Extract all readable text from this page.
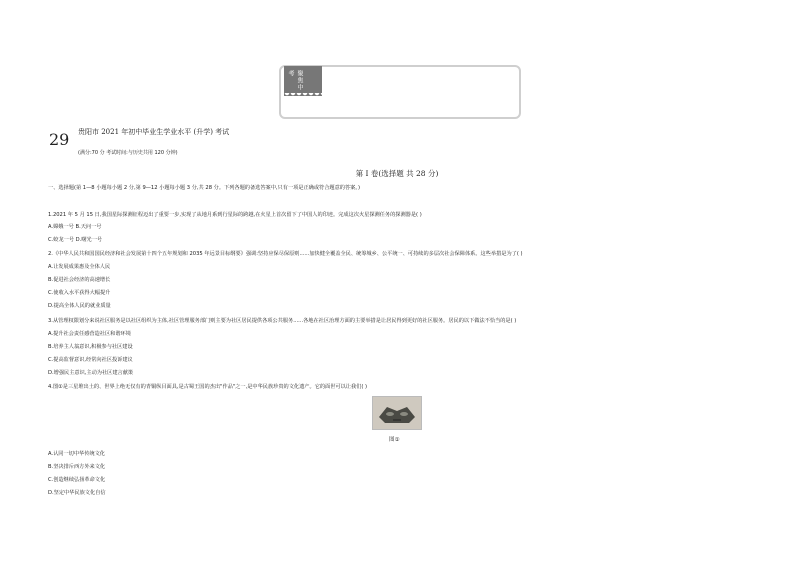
聚焦中考
29 贵阳市 2021 年初中毕业生学业水平 (升学) 考试
(满分:70 分 考试时间:与历史共用 120 分钟)
第 I 卷(选择题 共 28 分)
一、选择题(第 1—8 小题每小题 2 分,第 9—12 小题每小题 3 分,共 28 分。下列各题的备选答案中,只有一项是正确或符合题意的答案。)
1.2021 年 5 月 15 日,我国星际探测征程迈出了重要一步,实现了从地月系到行星际的跨越,在火星上首次留下了中国人的印迹。完成这次火星探测任务的探测器是( )
A.嫦娥一号 B.天问一号
C.蛟龙一号 D.曙光一号
2.《中华人民共和国国民经济和社会发展第十四个五年规划和 2035 年远景目标纲要》强调:坚持应保尽保原则......加快健全覆盖全民、统筹城乡、公平统一、可持续的多层次社会保障体系。这些举措是为了( )
A.让发展成果惠及全体人民
B.促进社会经济的高速增长
C.使收入水平获得大幅提升
D.提高全体人民的就业质量
3.从管理权限划分来说社区服务是以社区组织为主体,社区管理服务部门则主要为社区居民提供各项公共服务......各地在社区治理方面的主要举措是让居民得到更好的社区服务。居民的以下做法不恰当的是( )
A.提升社会责任感营造社区和谐环境
B.培养主人翁意识,积极参与社区建设
C.提高监督意识,经常向社区投诉建议
D.增强民主意识,主动为社区建言献策
4.图①是三星堆出土的、世界上绝无仅有的青铜纵目面具,是古蜀王国的杰出"作品"之一,是中华民族珍贵的文化遗产。它的面世可以让我们( )
图①
A.认同一切中华传统文化
B.坚决排斥西方外来文化
C.创造继续弘扬革命文化
D.坚定中华民族文化自信
